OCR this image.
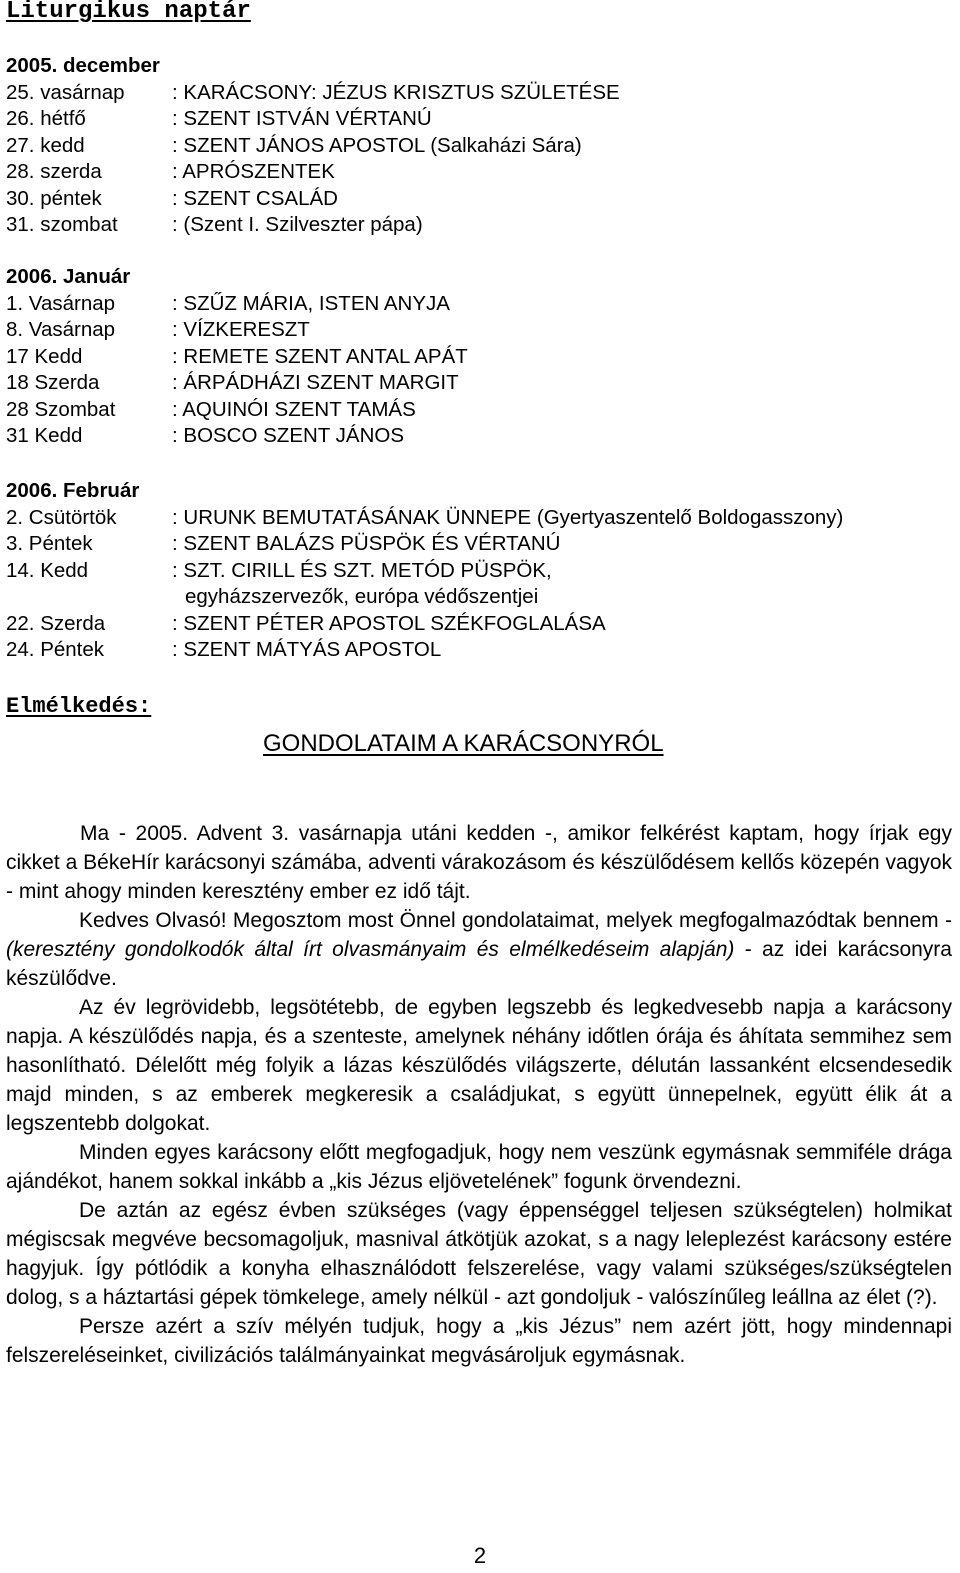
Liturgikus naptár
2005. december
25. vasárnap	: KARÁCSONY: JÉZUS KRISZTUS SZÜLETÉSE
26. hétfő	: SZENT ISTVÁN VÉRTANÚ
27. kedd	: SZENT JÁNOS APOSTOL (Salkaházi Sára)
28. szerda	: APRÓSZENTEK
30. péntek	: SZENT CSALÁD
31. szombat	: (Szent I. Szilveszter pápa)
2006. Január
1. Vasárnap	: SZŰZ MÁRIA, ISTEN ANYJA
8. Vasárnap	: VÍZKERESZT
17 Kedd	: REMETE SZENT ANTAL APÁT
18 Szerda	: ÁRPÁDHÁZI SZENT MARGIT
28 Szombat	: AQUINÓI SZENT TAMÁS
31 Kedd	: BOSCO SZENT JÁNOS
2006. Február
2. Csütörtök	: URUNK BEMUTATÁSÁNAK ÜNNEPE (Gyertyaszentelő Boldogasszony)
3. Péntek	: SZENT BALÁZS PÜSPÖK ÉS VÉRTANÚ
14. Kedd	: SZT. CIRILL ÉS SZT. METÓD PÜSPÖK,
egyházszervezők, európa védőszentjei
22. Szerda	: SZENT PÉTER APOSTOL SZÉKFOGLALÁSA
24. Péntek	: SZENT MÁTYÁS APOSTOL
Elmélkedés:
GONDOLATAIM A KARÁCSONYRÓL

Ma - 2005. Advent 3. vasárnapja utáni kedden -, amikor felkérést kaptam, hogy írjak egy cikket a BékeHír karácsonyi számába, adventi várakozásom és készülődésem kellős közepén vagyok - mint ahogy minden keresztény ember ez idő tájt.

Kedves Olvasó! Megosztom most Önnel gondolataimat, melyek megfogalmazódtak bennem - (keresztény gondolkodók által írt olvasmányaim és elmélkedéseim alapján) - az idei karácsonyra készülődve.

Az év legrövidebb, legsötétebb, de egyben legszebb és legkedvesebb napja a karácsony napja. A készülődés napja, és a szenteste, amelynek néhány időtlen órája és áhítata semmihez sem hasonlítható. Délelőtt még folyik a lázas készülődés világszerte, délután lassanként elcsendesedik majd minden, s az emberek megkeresik a családjukat, s együtt ünnepelnek, együtt élik át a legszentebb dolgokat.

Minden egyes karácsony előtt megfogadjuk, hogy nem veszünk egymásnak semmiféle drága ajándékot, hanem sokkal inkább a „kis Jézus eljövetelének” fogunk örvendezni.

De aztán az egész évben szükséges (vagy éppenséggel teljesen szükségtelen) holmikat mégiscsak megvéve becsomagoljuk, masnival átkötjük azokat, s a nagy leleplezést karácsony estére hagyjuk. Így pótlódik a konyha elhasználódott felszerelése, vagy valami szükséges/szükségtelen dolog, s a háztartási gépek tömkelege, amely nélkül - azt gondoljuk - valószínűleg leállna az élet (?).

Persze azért a szív mélyén tudjuk, hogy a „kis Jézus” nem azért jött, hogy mindennapi felszereléseinket, civilizációs találmányainkat megvásároljuk egymásnak.

2
